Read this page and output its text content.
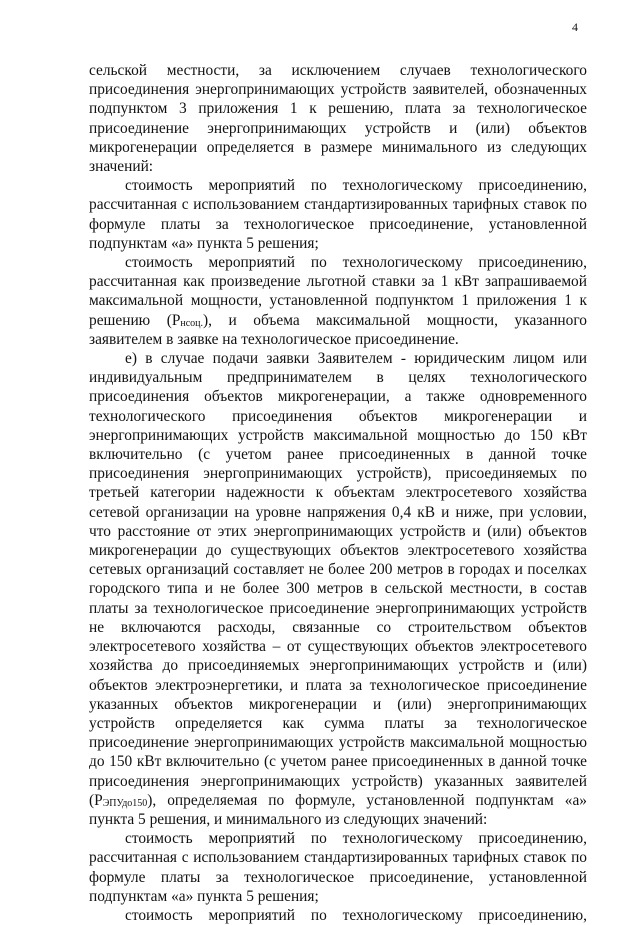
4

сельской местности, за исключением случаев технологического присоединения энергопринимающих устройств заявителей, обозначенных подпунктом 3 приложения 1 к решению, плата за технологическое присоединение энергопринимающих устройств и (или) объектов микрогенерации определяется в размере минимального из следующих значений:

стоимость мероприятий по технологическому присоединению, рассчитанная с использованием стандартизированных тарифных ставок по формуле платы за технологическое присоединение, установленной подпунктам «а» пункта 5 решения;

стоимость мероприятий по технологическому присоединению, рассчитанная как произведение льготной ставки за 1 кВт запрашиваемой максимальной мощности, установленной подпунктом 1 приложения 1 к решению (Рнсоц.), и объема максимальной мощности, указанного заявителем в заявке на технологическое присоединение.

е) в случае подачи заявки Заявителем - юридическим лицом или индивидуальным предпринимателем в целях технологического присоединения объектов микрогенерации, а также одновременного технологического присоединения объектов микрогенерации и энергопринимающих устройств максимальной мощностью до 150 кВт включительно (с учетом ранее присоединенных в данной точке присоединения энергопринимающих устройств), присоединяемых по третьей категории надежности к объектам электросетевого хозяйства сетевой организации на уровне напряжения 0,4 кВ и ниже, при условии, что расстояние от этих энергопринимающих устройств и (или) объектов микрогенерации до существующих объектов электросетевого хозяйства сетевых организаций составляет не более 200 метров в городах и поселках городского типа и не более 300 метров в сельской местности, в состав платы за технологическое присоединение энергопринимающих устройств не включаются расходы, связанные со строительством объектов электросетевого хозяйства – от существующих объектов электросетевого хозяйства до присоединяемых энергопринимающих устройств и (или) объектов электроэнергетики, и плата за технологическое присоединение указанных объектов микрогенерации и (или) энергопринимающих устройств определяется как сумма платы за технологическое присоединение энергопринимающих устройств максимальной мощностью до 150 кВт включительно (с учетом ранее присоединенных в данной точке присоединения энергопринимающих устройств) указанных заявителей (РЭПУдо150), определяемая по формуле, установленной подпунктам «а» пункта 5 решения, и минимального из следующих значений:

стоимость мероприятий по технологическому присоединению, рассчитанная с использованием стандартизированных тарифных ставок по формуле платы за технологическое присоединение, установленной подпунктам «а» пункта 5 решения;

стоимость мероприятий по технологическому присоединению,
